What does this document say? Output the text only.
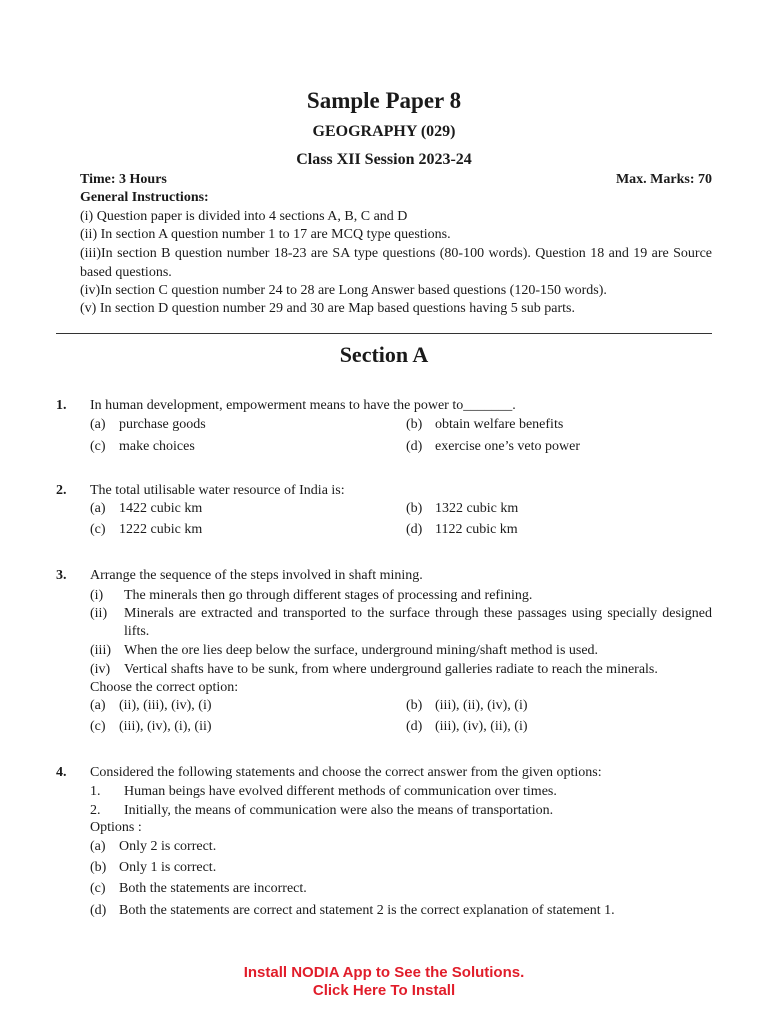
Sample Paper 8
GEOGRAPHY (029)
Class XII Session 2023-24
Time: 3 Hours	Max. Marks: 70
General Instructions:
(i) Question paper is divided into 4 sections A, B, C and D
(ii) In section A question number 1 to 17 are MCQ type questions.
(iii)In section B question number 18-23 are SA type questions (80-100 words). Question 18 and 19 are Source based questions.
(iv)In section C question number 24 to 28 are Long Answer based questions (120-150 words).
(v) In section D question number 29 and 30 are Map based questions having 5 sub parts.
Section A
1. In human development, empowerment means to have the power to_______.
(a) purchase goods	(b) obtain welfare benefits
(c) make choices	(d) exercise one’s veto power
2. The total utilisable water resource of India is:
(a) 1422 cubic km	(b) 1322 cubic km
(c) 1222 cubic km	(d) 1122 cubic km
3. Arrange the sequence of the steps involved in shaft mining.
(i) The minerals then go through different stages of processing and refining.
(ii) Minerals are extracted and transported to the surface through these passages using specially designed lifts.
(iii) When the ore lies deep below the surface, underground mining/shaft method is used.
(iv) Vertical shafts have to be sunk, from where underground galleries radiate to reach the minerals.
Choose the correct option:
(a) (ii), (iii), (iv), (i)	(b) (iii), (ii), (iv), (i)
(c) (iii), (iv), (i), (ii)	(d) (iii), (iv), (ii), (i)
4. Considered the following statements and choose the correct answer from the given options:
1. Human beings have evolved different methods of communication over times.
2. Initially, the means of communication were also the means of transportation.
Options :
(a) Only 2 is correct.
(b) Only 1 is correct.
(c) Both the statements are incorrect.
(d) Both the statements are correct and statement 2 is the correct explanation of statement 1.
Install NODIA App to See the Solutions.
Click Here To Install
